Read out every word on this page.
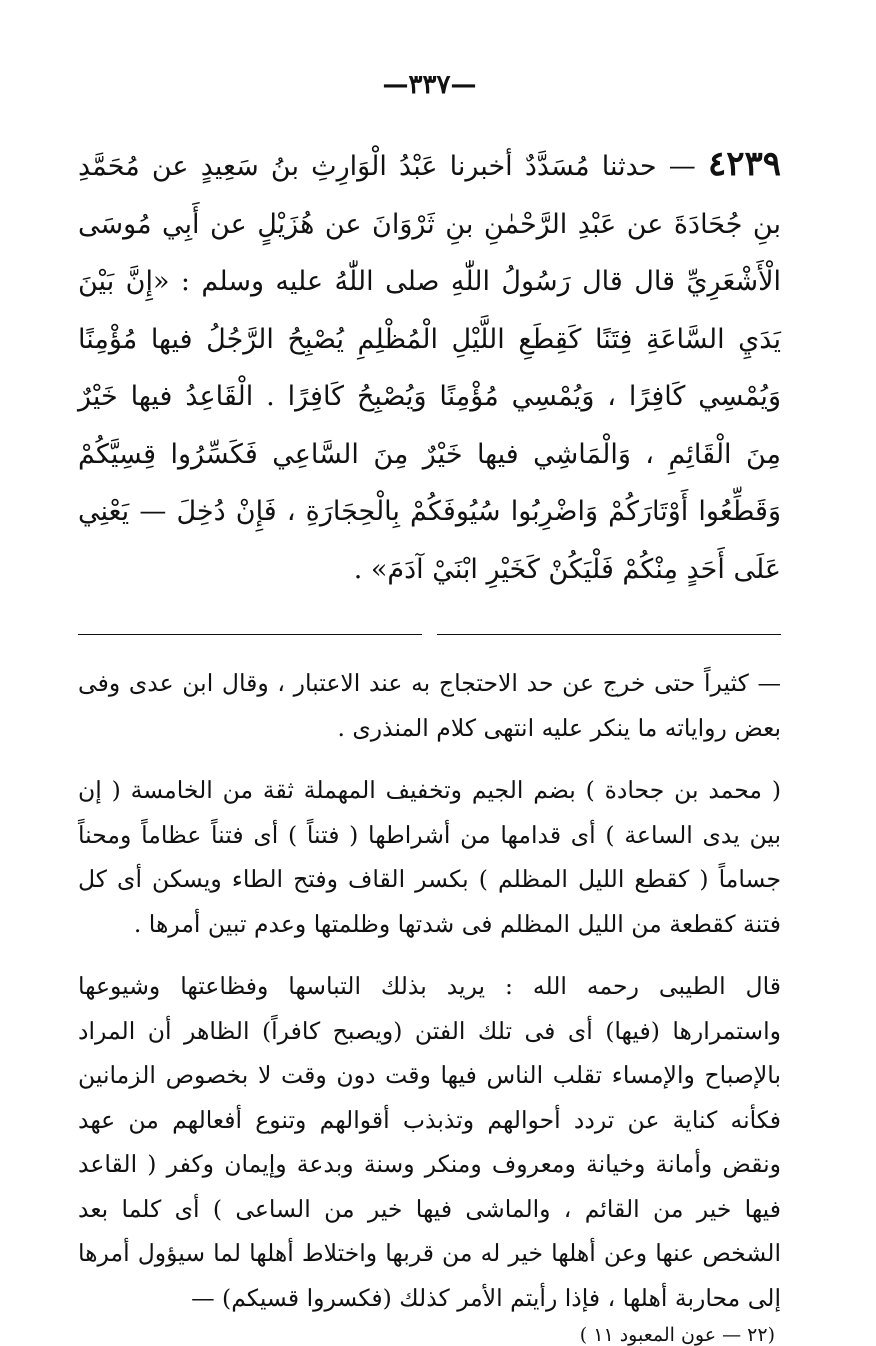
—٣٣٧—
٤٢٣٩ — حدثنا مُسَدَّدٌ أخبرنا عَبْدُ الْوَارِثِ بنُ سَعِيدٍ عن مُحَمَّدِ بنِ جُحَادَةَ عن عَبْدِ الرَّحْمٰنِ بنِ ثَرْوَانَ عن هُزَيْلٍ عن أَبِي مُوسَى الْأَشْعَرِيِّ قال قال رَسُولُ اللّٰهِ صلى اللّٰهُ عليه وسلم : «إِنَّ بَيْنَ يَدَيِ السَّاعَةِ فِتَنًا كَقِطَعِ اللَّيْلِ الْمُظْلِمِ يُصْبِحُ الرَّجُلُ فيها مُؤْمِنًا وَيُمْسِي كَافِرًا ، وَيُمْسِي مُؤْمِنًا وَيُصْبِحُ كَافِرًا . الْقَاعِدُ فيها خَيْرٌ مِنَ الْقَائِمِ ، وَالْمَاشِي فيها خَيْرٌ مِنَ السَّاعِي فَكَسِّرُوا قِسِيَّكُمْ وَقَطِّعُوا أَوْتَارَكُمْ وَاضْرِبُوا سُيُوفَكُمْ بِالْحِجَارَةِ ، فَإِنْ دُخِلَ — يَعْنِي عَلَى أَحَدٍ مِنْكُمْ فَلْيَكُنْ كَخَيْرِ ابْنَيْ آدَمَ» .

— كثيراً حتى خرج عن حد الاحتجاج به عند الاعتبار ، وقال ابن عدى وفى بعض رواياته ما ينكر عليه انتهى كلام المنذرى .

( محمد بن جحادة ) بضم الجيم وتخفيف المهملة ثقة من الخامسة ( إن بين يدى الساعة ) أى قدامها من أشراطها ( فتناً ) أى فتناً عظاماً ومحناً جساماً ( كقطع الليل المظلم ) بكسر القاف وفتح الطاء ويسكن أى كل فتنة كقطعة من الليل المظلم فى شدتها وظلمتها وعدم تبين أمرها .

قال الطيبى رحمه الله : يريد بذلك التباسها وفظاعتها وشيوعها واستمرارها (فيها) أى فى تلك الفتن (ويصبح كافراً) الظاهر أن المراد بالإصباح والإمساء تقلب الناس فيها وقت دون وقت لا بخصوص الزمانين فكأنه كناية عن تردد أحوالهم وتذبذب أقوالهم وتنوع أفعالهم من عهد ونقض وأمانة وخيانة ومعروف ومنكر وسنة وبدعة وإيمان وكفر ( القاعد فيها خير من القائم ، والماشى فيها خير من الساعى ) أى كلما بعد الشخص عنها وعن أهلها خير له من قربها واختلاط أهلها لما سيؤول أمرها إلى محاربة أهلها ، فإذا رأيتم الأمر كذلك (فكسروا قسيكم) —

(٢٢ — عون المعبود ١١ )
